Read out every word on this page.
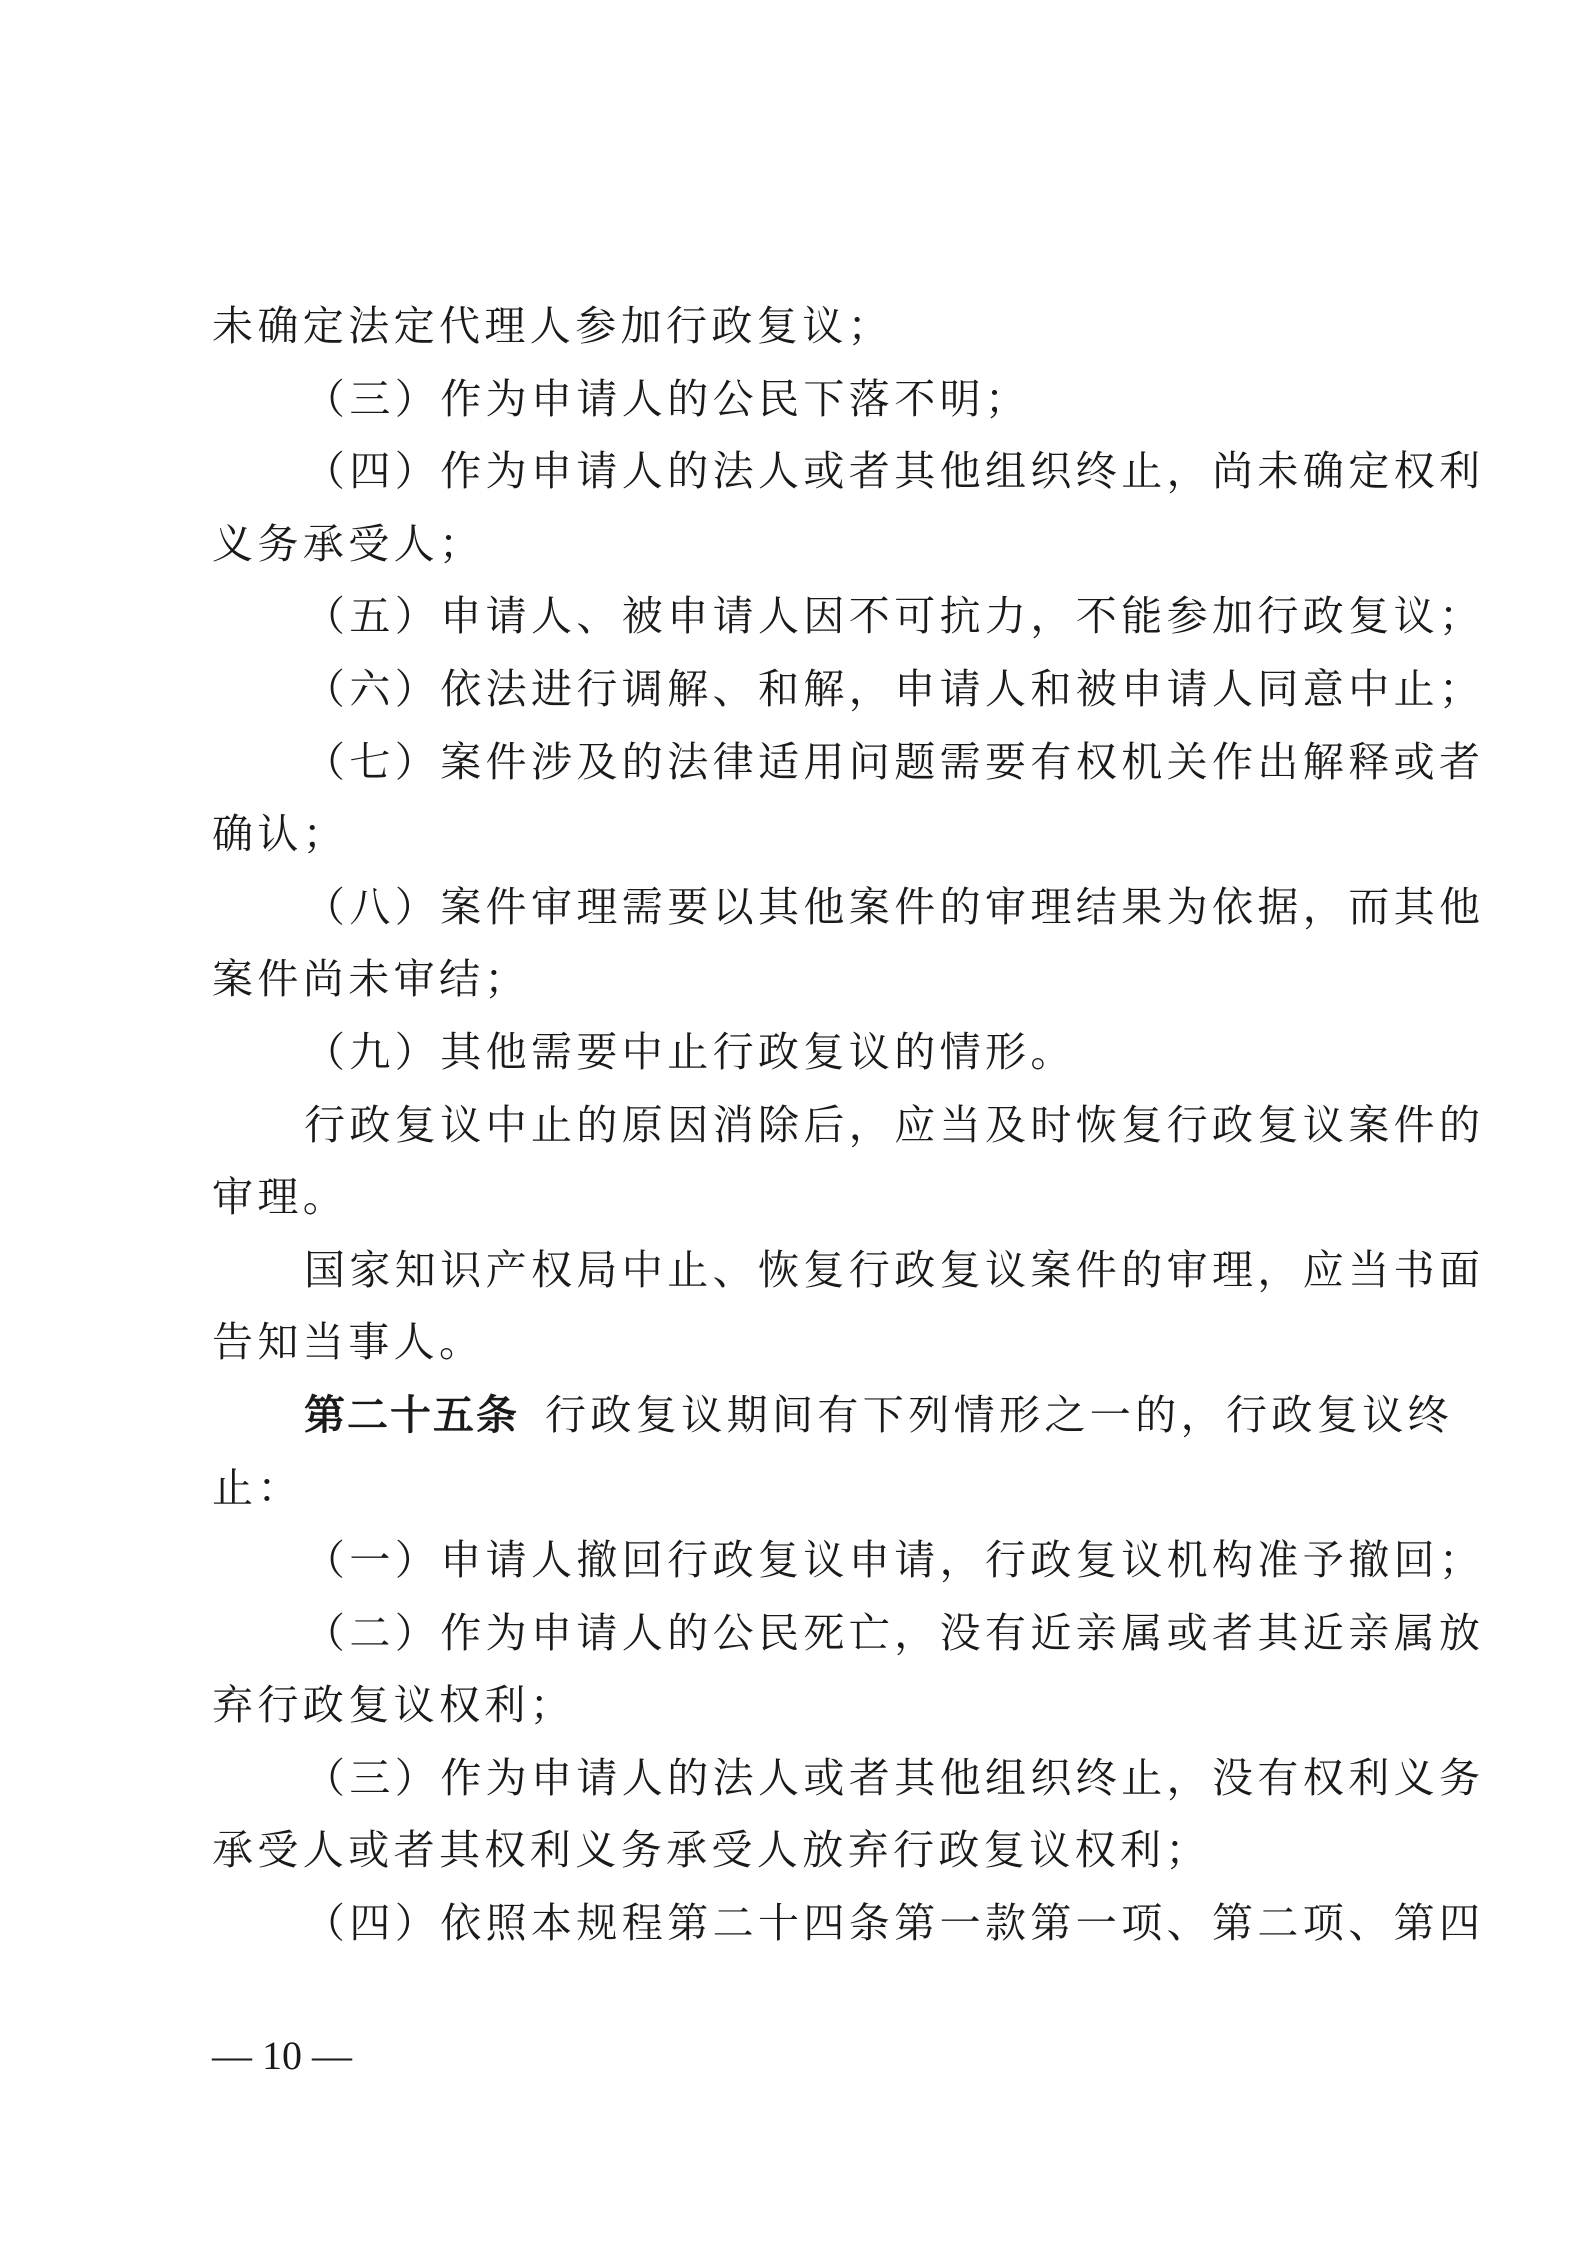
未确定法定代理人参加行政复议；
（三）作为申请人的公民下落不明；
（四）作为申请人的法人或者其他组织终止，尚未确定权利
义务承受人；
（五）申请人、被申请人因不可抗力，不能参加行政复议；
（六）依法进行调解、和解，申请人和被申请人同意中止；
（七）案件涉及的法律适用问题需要有权机关作出解释或者
确认；
（八）案件审理需要以其他案件的审理结果为依据，而其他
案件尚未审结；
（九）其他需要中止行政复议的情形。
行政复议中止的原因消除后，应当及时恢复行政复议案件的
审理。
国家知识产权局中止、恢复行政复议案件的审理，应当书面
告知当事人。
第二十五条 行政复议期间有下列情形之一的，行政复议终
止：
（一）申请人撤回行政复议申请，行政复议机构准予撤回；
（二）作为申请人的公民死亡，没有近亲属或者其近亲属放
弃行政复议权利；
（三）作为申请人的法人或者其他组织终止，没有权利义务
承受人或者其权利义务承受人放弃行政复议权利；
（四）依照本规程第二十四条第一款第一项、第二项、第四
— 10 —
